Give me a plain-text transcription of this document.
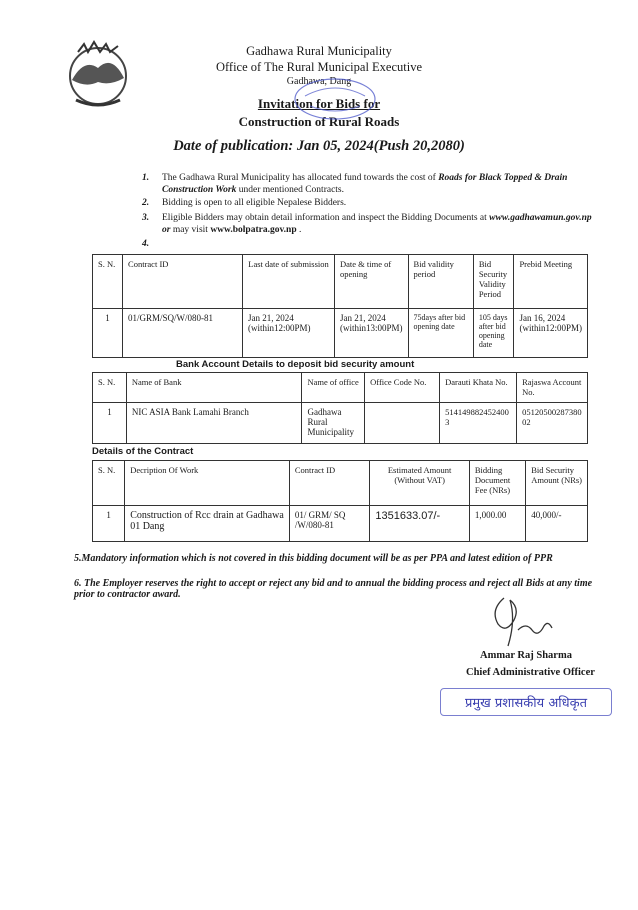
Gadhawa Rural Municipality
Office of The Rural Municipal Executive
Gadhawa, Dang
Invitation for Bids for
Construction of Rural Roads
Date of publication: Jan 05, 2024(Push 20,2080)
1. The Gadhawa Rural Municipality has allocated fund towards the cost of Roads for Black Topped & Drain Construction Work under mentioned Contracts.
2. Bidding is open to all eligible Nepalese Bidders.
3. Eligible Bidders may obtain detail information and inspect the Bidding Documents at www.gadhawamun.gov.np or may visit www.bolpatra.gov.np .
4.
S. N.	Contract ID	Last date of submission	Date & time of opening	Bid validity period	Bid Security Validity Period	Prebid Meeting
1	01/GRM/SQ/W/080-81	Jan 21, 2024 (within12:00PM)	Jan 21, 2024 (within13:00PM)	75days after bid opening date	105 days after bid opening date	Jan 16, 2024 (within12:00PM)
Bank Account Details to deposit bid security amount
S. N.	Name of Bank	Name of office	Office Code No.	Darauti Khata No.	Rajaswa Account No.
1	NIC ASIA Bank Lamahi Branch	Gadhawa Rural Municipality		5141498824524003	0512050028738002
Details of the Contract
S. N.	Decription Of Work	Contract ID	Estimated Amount (Without VAT)	Bidding Document Fee (NRs)	Bid Security Amount (NRs)
1	Construction of Rcc drain at Gadhawa 01 Dang	01/ GRM/ SQ /W/080-81	1351633.07/-	1,000.00	40,000/-
5.Mandatory information which is not covered in this bidding document will be as per PPA and latest edition of PPR
6. The Employer reserves the right to accept or reject any bid and to annual the bidding process and reject all Bids at any time prior to contractor award.
Ammar Raj Sharma
Chief Administrative Officer
प्रमुख प्रशासकीय अधिकृत
